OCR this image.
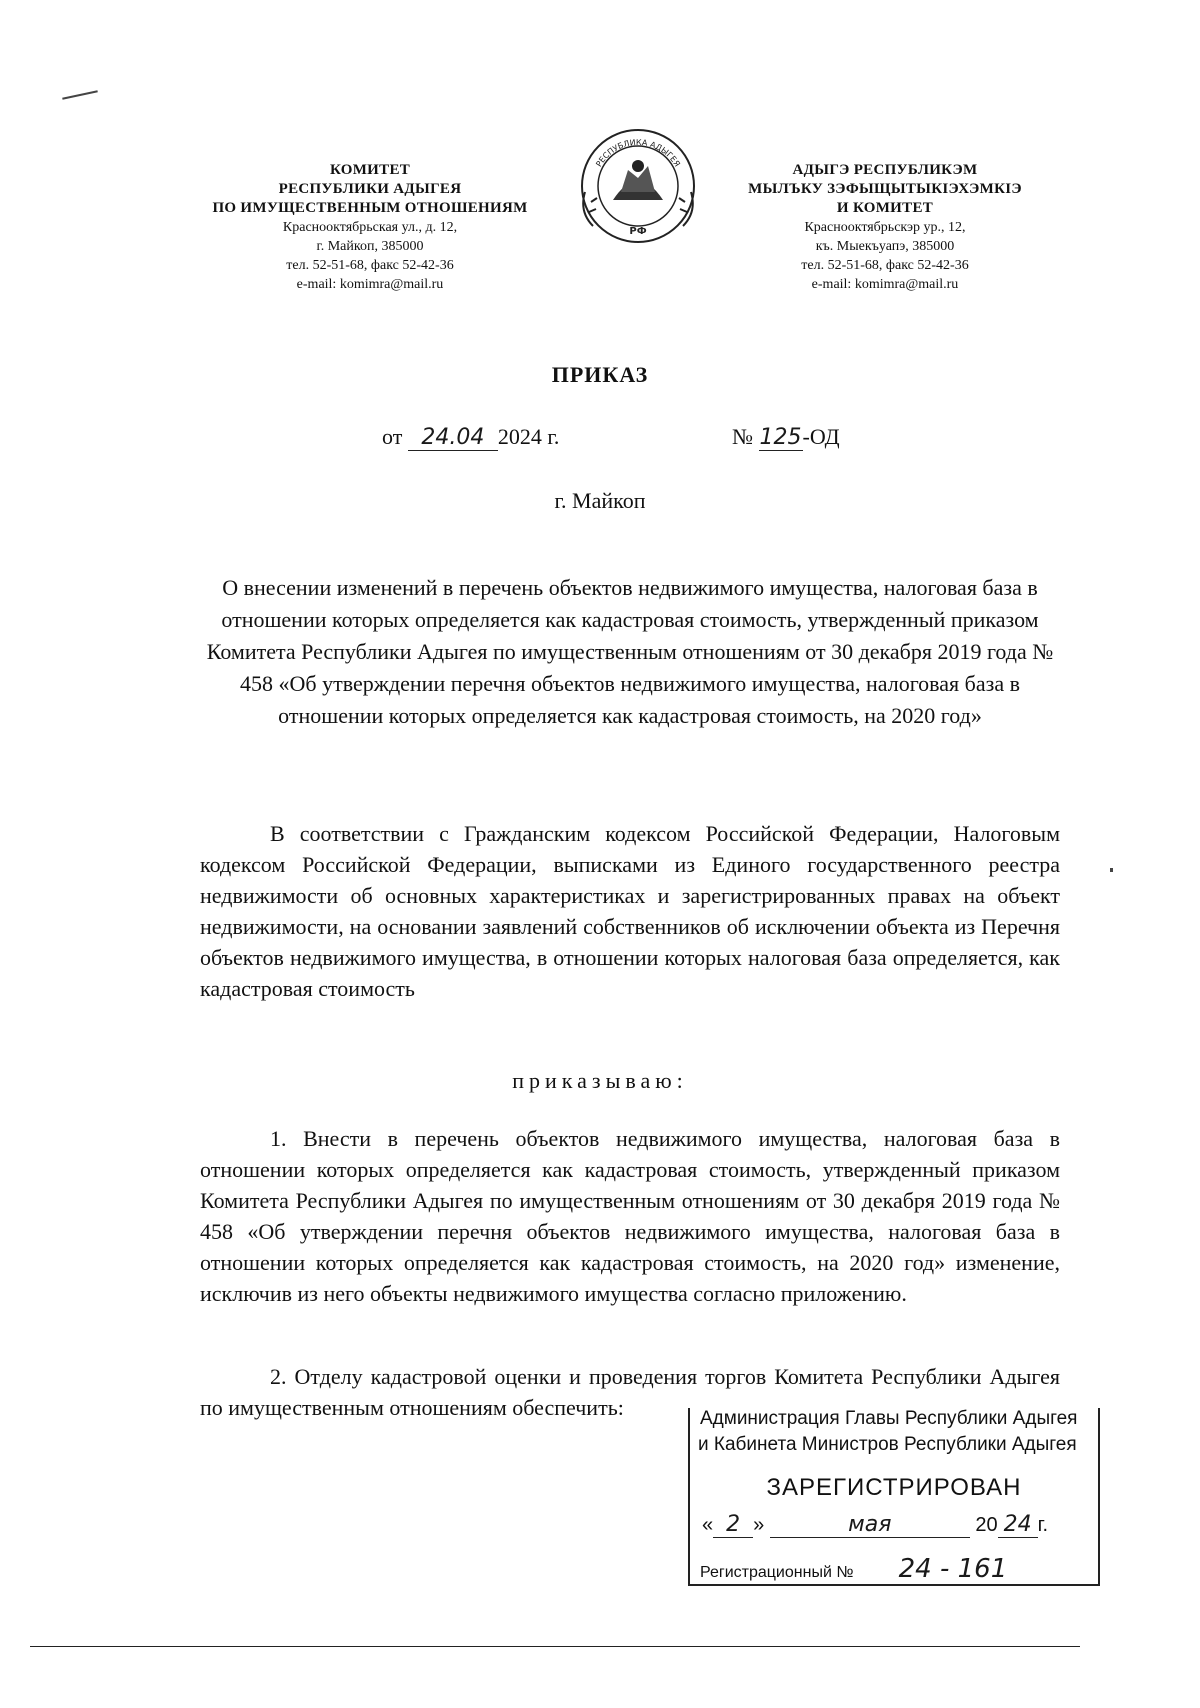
КОМИТЕТ
РЕСПУБЛИКИ АДЫГЕЯ
ПО ИМУЩЕСТВЕННЫМ ОТНОШЕНИЯМ
Краснооктябрьская ул., д. 12,
г. Майкоп, 385000
тел. 52-51-68, факс 52-42-36
e-mail: komimra@mail.ru
РЕСПУБЛИКА АДЫГЕЯ
РФ
АДЫГЭ РЕСПУБЛИКЭМ
МЫЛЪКУ ЗЭФЫЩЫТЫКІЭХЭМКІЭ
И КОМИТЕТ
Краснооктябрьскэр ур., 12,
къ. Мыекъуапэ, 385000
тел. 52-51-68, факс 52-42-36
e-mail: komimra@mail.ru
ПРИКАЗ
от 24.04 2024 г.	№ 125-ОД
г. Майкоп
О внесении изменений в перечень объектов недвижимого имущества, налоговая база в отношении которых определяется как кадастровая стоимость, утвержденный приказом Комитета Республики Адыгея по имущественным отношениям от 30 декабря 2019 года № 458 «Об утверждении перечня объектов недвижимого имущества, налоговая база в отношении которых определяется как кадастровая стоимость, на 2020 год»
В соответствии с Гражданским кодексом Российской Федерации, Налоговым кодексом Российской Федерации, выписками из Единого государственного реестра недвижимости об основных характеристиках и зарегистрированных правах на объект недвижимости, на основании заявлений собственников об исключении объекта из Перечня объектов недвижимого имущества, в отношении которых налоговая база определяется, как кадастровая стоимость
приказываю:
1. Внести в перечень объектов недвижимого имущества, налоговая база в отношении которых определяется как кадастровая стоимость, утвержденный приказом Комитета Республики Адыгея по имущественным отношениям от 30 декабря 2019 года № 458 «Об утверждении перечня объектов недвижимого имущества, налоговая база в отношении которых определяется как кадастровая стоимость, на 2020 год» изменение, исключив из него объекты недвижимого имущества согласно приложению.
2. Отделу кадастровой оценки и проведения торгов Комитета Республики Адыгея по имущественным отношениям обеспечить:	Администрация Главы Республики Адыгея
и Кабинета Министров Республики Адыгея
ЗАРЕГИСТРИРОВАН
« 2 »	мая	20 24 г.
Регистрационный № 24 - 161
